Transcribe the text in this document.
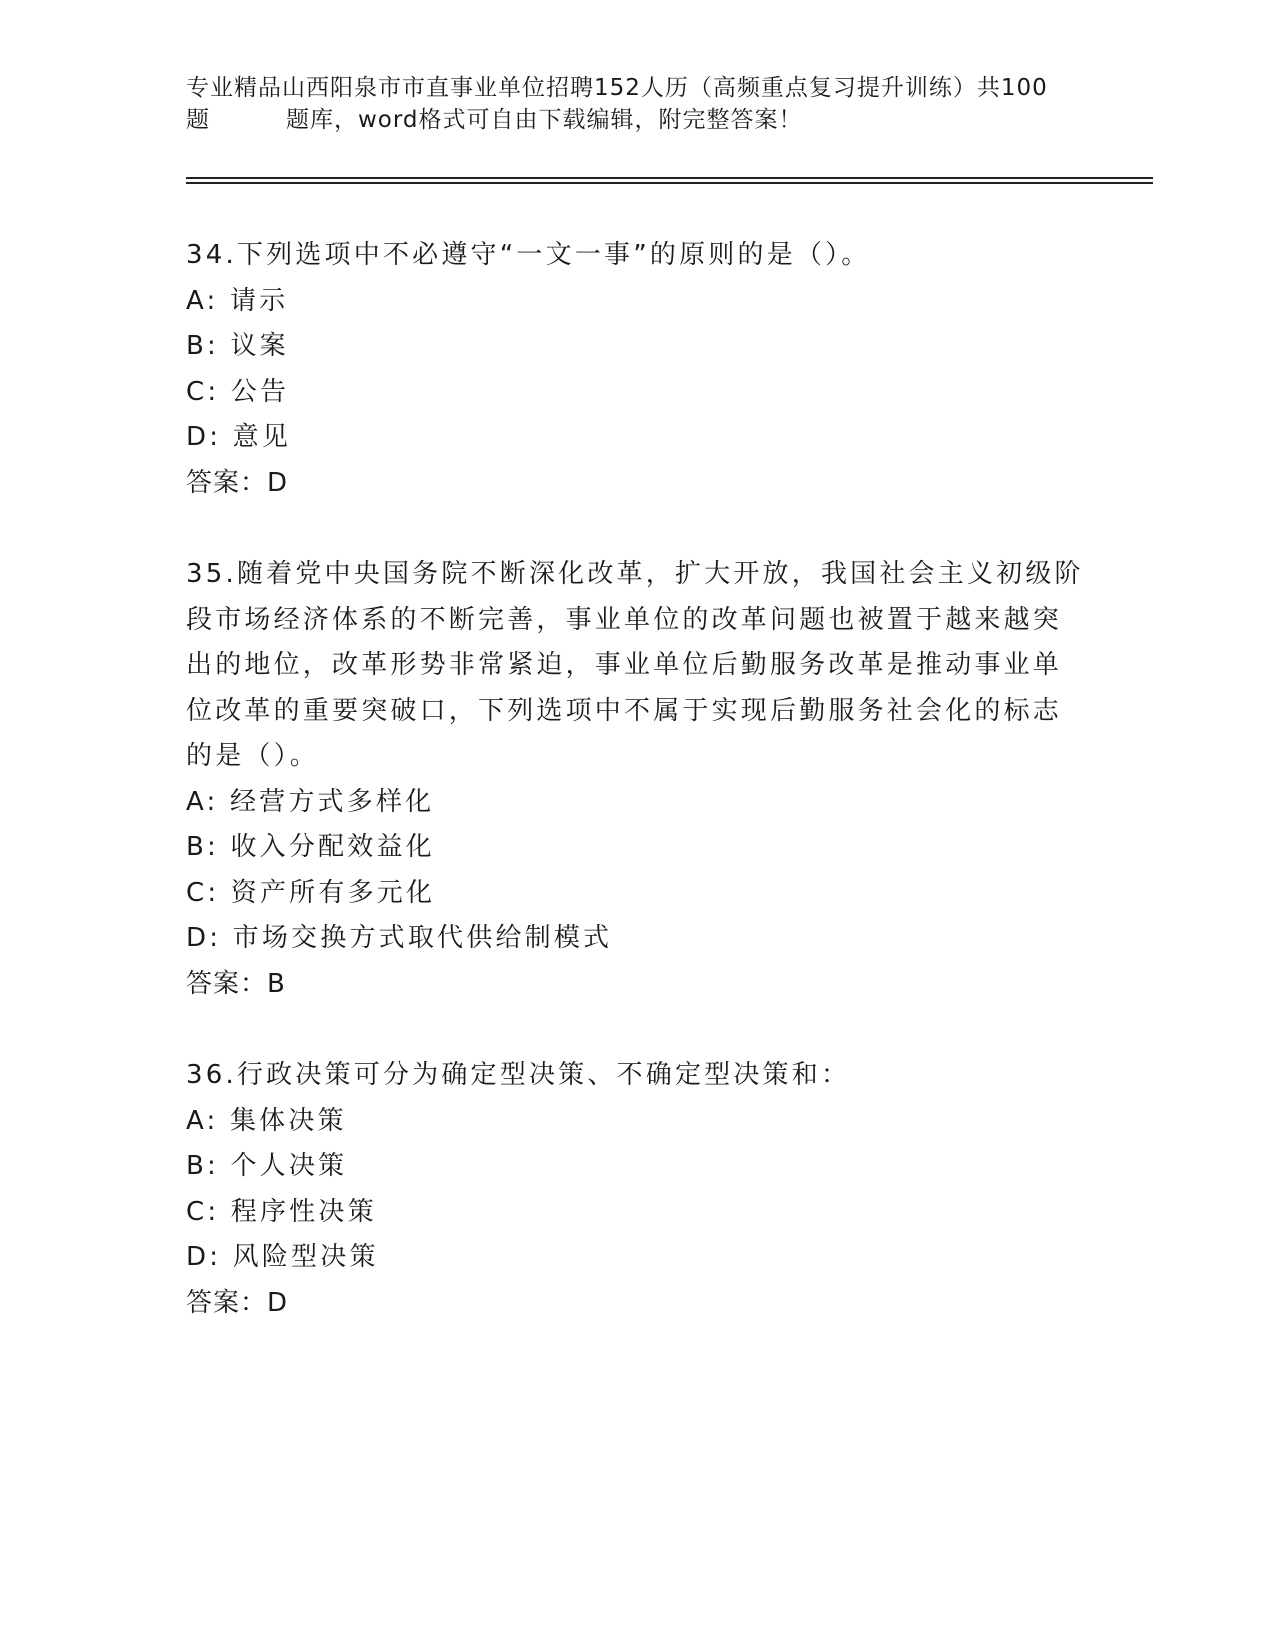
专业精品山西阳泉市市直事业单位招聘152人历（高频重点复习提升训练）共100
题	题库，word格式可自由下载编辑，附完整答案！

34.下列选项中不必遵守“一文一事”的原则的是（）。

A: 请示

B: 议案

C: 公告

D: 意见

答案：D

35.随着党中央国务院不断深化改革，扩大开放，我国社会主义初级阶

段市场经济体系的不断完善，事业单位的改革问题也被置于越来越突

出的地位，改革形势非常紧迫，事业单位后勤服务改革是推动事业单

位改革的重要突破口，下列选项中不属于实现后勤服务社会化的标志

的是（）。

A: 经营方式多样化

B: 收入分配效益化

C: 资产所有多元化

D: 市场交换方式取代供给制模式

答案：B

36.行政决策可分为确定型决策、不确定型决策和：

A: 集体决策

B: 个人决策

C: 程序性决策

D: 风险型决策

答案：D
